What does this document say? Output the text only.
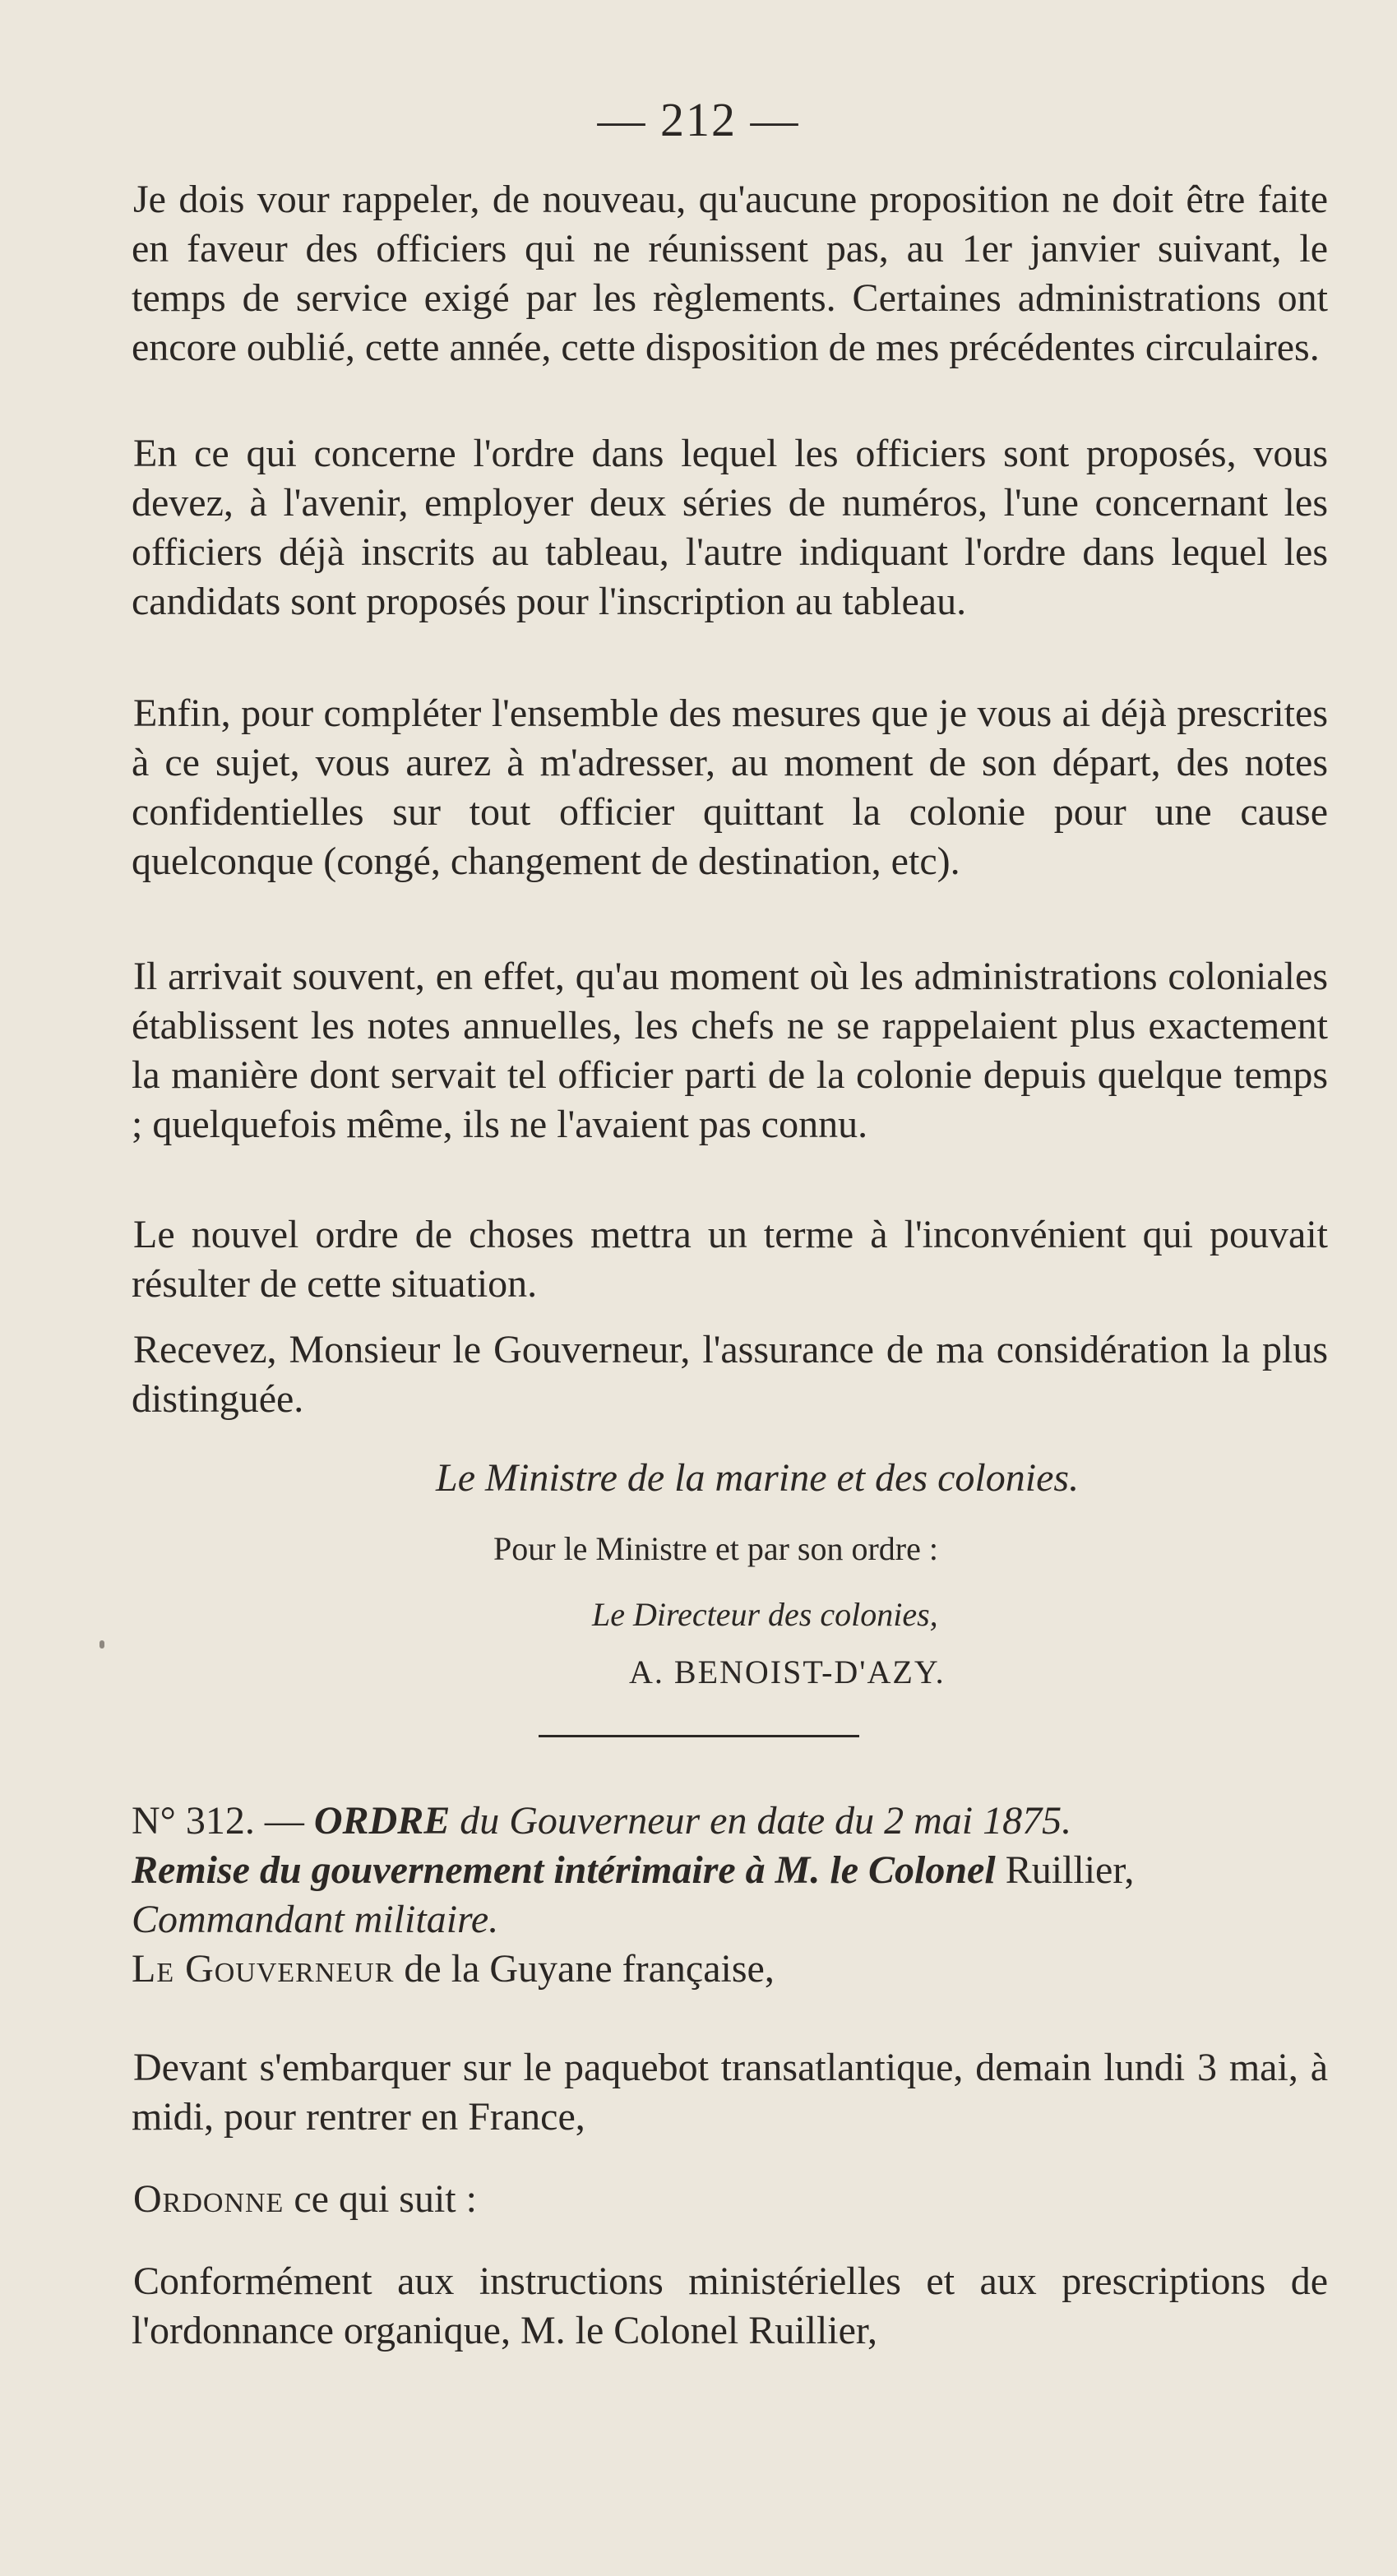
— 212 —

Je dois vour rappeler, de nouveau, qu'aucune proposition ne doit être faite en faveur des officiers qui ne réunissent pas, au 1er janvier suivant, le temps de service exigé par les règlements. Certaines administrations ont encore oublié, cette année, cette disposition de mes précédentes circulaires.

En ce qui concerne l'ordre dans lequel les officiers sont proposés, vous devez, à l'avenir, employer deux séries de numéros, l'une concernant les officiers déjà inscrits au tableau, l'autre indiquant l'ordre dans lequel les candidats sont proposés pour l'inscription au tableau.

Enfin, pour compléter l'ensemble des mesures que je vous ai déjà prescrites à ce sujet, vous aurez à m'adresser, au moment de son départ, des notes confidentielles sur tout officier quittant la colonie pour une cause quelconque (congé, changement de destination, etc).

Il arrivait souvent, en effet, qu'au moment où les administrations coloniales établissent les notes annuelles, les chefs ne se rappelaient plus exactement la manière dont servait tel officier parti de la colonie depuis quelque temps ; quelquefois même, ils ne l'avaient pas connu.

Le nouvel ordre de choses mettra un terme à l'inconvénient qui pouvait résulter de cette situation.

Recevez, Monsieur le Gouverneur, l'assurance de ma considération la plus distinguée.

Le Ministre de la marine et des colonies.
Pour le Ministre et par son ordre :
Le Directeur des colonies,
A. BENOIST-D'AZY.
N° 312. — ORDRE du Gouverneur en date du 2 mai 1875.
Remise du gouvernement intérimaire à M. le Colonel Ruillier,
Commandant militaire.
Le Gouverneur de la Guyane française,

Devant s'embarquer sur le paquebot transatlantique, demain lundi 3 mai, à midi, pour rentrer en France,

Ordonne ce qui suit :

Conformément aux instructions ministérielles et aux prescriptions de l'ordonnance organique, M. le Colonel Ruillier,
